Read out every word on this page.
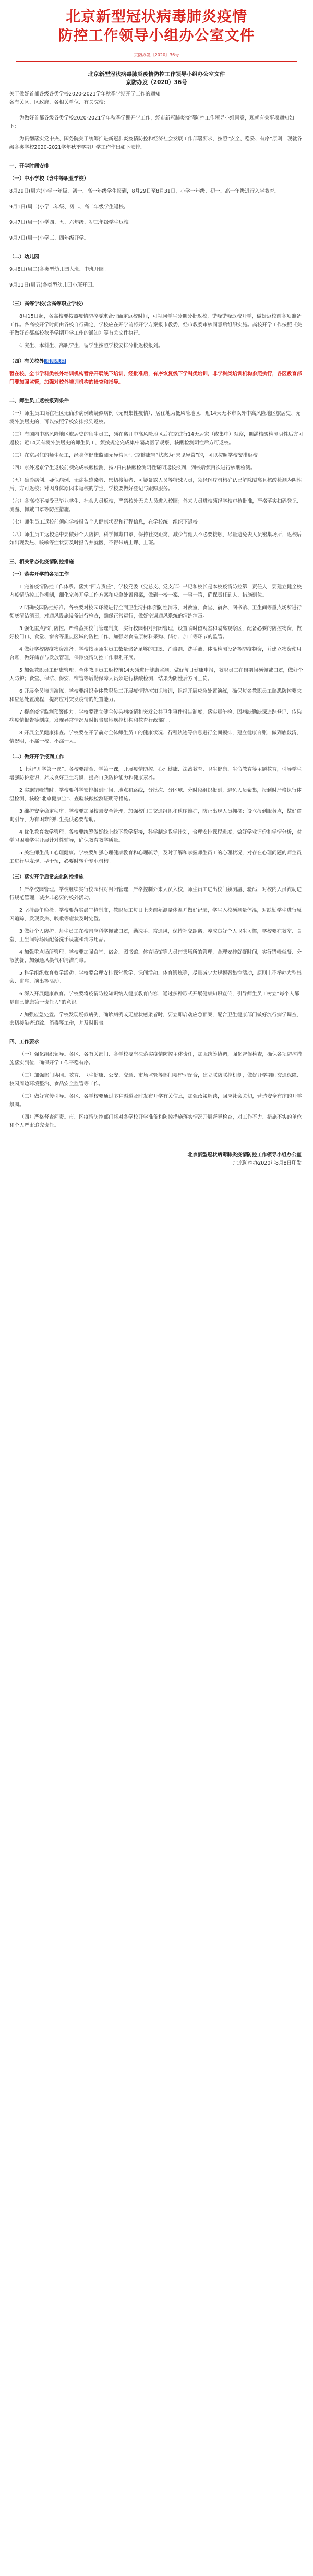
北京新型冠状病毒肺炎疫情
防控工作领导小组办公室文件
京防办发〔2020〕36号
北京新型冠状病毒肺炎疫情防控工作领导小组办公室文件
京防办发（2020）36号

关于做好首都各级各类学校2020-2021学年秋季学期开学工作的通知

各有关区、区政府、各相关单位、有关院校：

为做好首都各级各类学校2020-2021学年秋季学期开学工作，经市新冠肺炎疫情防控工作领导小组同意，现就有关事项通知如下：

为贯彻落实党中央、国务院关于统筹推进新冠肺炎疫情防控和经济社会发展工作部署要求，按照“安全、稳妥、有序”原则，现就各级各类学校2020-2021学年秋季学期开学工作作出如下安排。

一、开学时间安排

（一）中小学校（含中等职业学校）

8月29日(周六)小学一年级、初一、高一年级学生报到，8月29日至8月31日，小学一年级、初一、高一年级进行入学教育。

9月1日(周二)小学二年级、初二、高二年级学生返校。

9月7日(周一)小学四、五、六年级、初三年级学生返校。

9月7日(周一)小学三、四年级开学。

（二）幼儿园

9月8日(周二)各类型幼儿园大班、中班开园。

9月11日(周五)各类型幼儿园小班开园。

（三）高等学校(含高等职业学校)

8月15日起，各高校要按照疫情防控要求合理确定返校时间，可视同学生分期分批返校，错峰错峰返校开学，做好返校前各项准备工作。各高校开学时间由各校自行确定，学校应在开学前将开学方案报市教委，经市教委审核同意后组织实施。高校开学工作按照《关于做好首都高校秋季学期开学工作的通知》等有关文件执行。

研究生、本科生、高职学生、留学生按照学校安排分批返校报到。

（四）有关校外 培训机构

暂在校、全市学科类校外培训机构暂停开展线下培训，经批准后，有序恢复线下学科类培训，非学科类培训机构参照执行，各区教育部门要加强监管，加强对校外培训机构的检查和指导。

二、师生员工返校报到条件

（一）师生员工所在社区无确诊病例或疑似病例（无聚集性疫情）、居住地为低风险地区，近14天无本市以外中高风险地区旅居史、无境外旅居史的，可以按照学校安排报到返校。

（二）有国内中高风险地区旅居史的师生员工，须在离开中高风险地区后在京进行14天居家（或集中）观察，期满核酸检测阴性后方可返校；近14天有境外旅居史的师生员工，须按规定完成集中隔离医学观察，核酸检测阴性后方可返校。

（三）在京居住的师生员工，经身体健康监测无异常且“北京健康宝”状态为“未见异常”的，可以按照学校安排返校。

（四）京外返京学生返校前须完成核酸检测，持7日内核酸检测阴性证明返校报到，到校后须再次进行核酸检测。

（五）确诊病例、疑似病例、无症状感染者、密切接触者、可疑暴露人员等特殊人员，须经医疗机构确认已解除隔离且核酸检测为阴性后，方可返校；对因身体原因未返校的学生，学校要做好登记与跟踪服务。

（六）各高校不接受已毕业学生、社会人员返校，严禁校外无关人员进入校园；外来人员进校须经学校审核批准，严格落实扫码登记、测温、佩戴口罩等防控措施。

（七）师生员工返校前须向学校报告个人健康状况和行程信息，在学校统一组织下返校。

（八）师生员工返校途中要做好个人防护，科学佩戴口罩，保持社交距离，减少与他人不必要接触，尽量避免去人员密集场所，返校后如出现发热、咳嗽等症状要及时报告并就医，不得带病上课、上班。

三、相关常态化疫情防控措施

（一）落实开学前各项工作

1.完善疫情防控工作体系。落实“四方责任”，学校党委（党总支、党支部）书记和校长是本校疫情防控第一责任人，要建立健全校内疫情防控工作机制，细化完善开学工作方案和应急处置预案，做到一校一案、一事一策，确保责任到人、措施到位。

2.明确校园防控标准。各校要对校园环境进行全面卫生清扫和预防性消毒，对教室、食堂、宿舍、图书馆、卫生间等重点场所进行彻底清洁消毒，对通风设施设备进行检查，确保正常运行，做好空调通风系统的清洗消毒。

3.强化重点部门防控。严格落实校门管理制度，实行校园相对封闭管理，设置临时留观室和隔离观察区，配备必要的防控物资，做好校门口、食堂、宿舍等重点区域的防控工作，加强对食品原材料采购、储存、加工等环节的监管。

4.做好学校防疫物资准备。学校按照师生员工数量储备足够的口罩、消毒剂、洗手液、体温检测设备等防疫物资，并建立物资使用台账，做好储存与发放管理，保障疫情防控工作顺利开展。

5.加强教职员工健康管理。全体教职员工返校前14天须进行健康监测，做好每日健康申报，教职员工在岗期间须佩戴口罩，做好个人防护；食堂、保洁、保安、宿管等后勤保障人员须进行核酸检测，结果为阴性后方可上岗。

6.开展全员培训演练。学校要组织全体教职员工开展疫情防控知识培训，组织开展应急处置演练，确保每名教职员工熟悉防控要求和应急处置流程，提高应对突发疫情的处置能力。

7.提高疫情监测预警能力。学校要建立健全传染病疫情和突发公共卫生事件报告制度，落实晨午检、因病缺勤缺课追踪登记、传染病疫情报告等制度，发现异常情况及时报告属地疾控机构和教育行政部门。

8.开展全员健康排查。学校要在开学前对全体师生员工的健康状况、行程轨迹等信息进行全面摸排，建立健康台账，做到底数清、情况明，不漏一校、不漏一人。

（二）做好开学报到工作

1.上好“开学第一课”。各校要结合开学第一课，开展疫情防控、心理健康、法治教育、卫生健康、生命教育等主题教育，引导学生增强防护意识，养成良好卫生习惯，提高自我防护能力和健康素养。

2.实施错峰错时。学校要科学安排报到时间、地点和路线，分批次、分区域、分时段组织报到，避免人员聚集，报到时严格执行体温检测、核验“北京健康宝”、查验核酸检测证明等措施。

3.维护安全稳定秩序。学校要加强校园安全管理，加强校门口交通组织和秩序维护，防止出现人员拥挤；设立报到服务点，做好咨询引导，为有困难的师生提供必要帮助。

4.优化教育教学管理。各校要统筹做好线上线下教学衔接，科学制定教学计划，合理安排课程进度，做好学业评价和学情分析，对学习困难学生开展针对性辅导，确保教育教学质量。

5.关注师生员工心理健康。学校要加强心理健康教育和心理疏导，及时了解和掌握师生员工的心理状况，对存在心理问题的师生员工进行早发现、早干预，必要时转介专业机构。

（三）落实开学后常态化防控措施

1.严格校园管理。学校继续实行校园相对封闭管理，严格控制外来人员入校，师生员工进出校门须测温、验码，对校内人员流动进行规范管理，减少非必要的校外活动。

2.坚持晨午晚检。学校要落实晨午检制度，教职员工每日上岗前须测量体温并做好记录，学生入校须测量体温，对缺勤学生进行原因追踪，发现发热、咳嗽等症状及时处置。

3.做好个人防护。师生员工在校内应科学佩戴口罩，勤洗手、常通风，保持社交距离，养成良好个人卫生习惯，学校要在教室、食堂、卫生间等场所配备洗手设施和消毒用品。

4.加强重点场所管理。学校要加强食堂、宿舍、图书馆、体育场馆等人员密集场所的管理，合理安排就餐时间，实行错峰就餐、分散就餐，加强通风换气和清洁消毒。

5.科学组织教育教学活动。学校要合理安排课堂教学、课间活动、体育锻炼等，尽量减少大规模聚集性活动，原则上不举办大型集会、讲座、演出等活动。

6.深入开展健康教育。学校要将疫情防控知识纳入健康教育内容，通过多种形式开展健康知识宣传，引导师生员工树立“每个人都是自己健康第一责任人”的意识。

7.加强应急处置。学校发现疑似病例、确诊病例或无症状感染者时，要立即启动应急预案，配合卫生健康部门做好流行病学调查、密切接触者追踪、消毒等工作，并及时报告。

四、工作要求

（一）强化组织领导。各区、各有关部门、各学校要坚决落实疫情防控主体责任，加强统筹协调，强化督促检查，确保各项防控措施落实到位，确保开学工作平稳有序。

（二）加强部门协同。教育、卫生健康、公安、交通、市场监管等部门要密切配合，建立联防联控机制，做好开学期间交通保障、校园周边环境整治、食品安全监管等工作。

（三）做好宣传引导。各区、各学校要通过多种渠道及时发布开学有关信息，加强政策解读，回应社会关切，营造安全有序的开学氛围。

（四）严格督查问责。市、区疫情防控部门将对各学校开学准备和防控措施落实情况开展督导检查，对工作不力、措施不实的单位和个人严肃追究责任。

北京新型冠状病毒肺炎疫情防控工作领导小组办公室
北京防控办2020年8月8日印发
